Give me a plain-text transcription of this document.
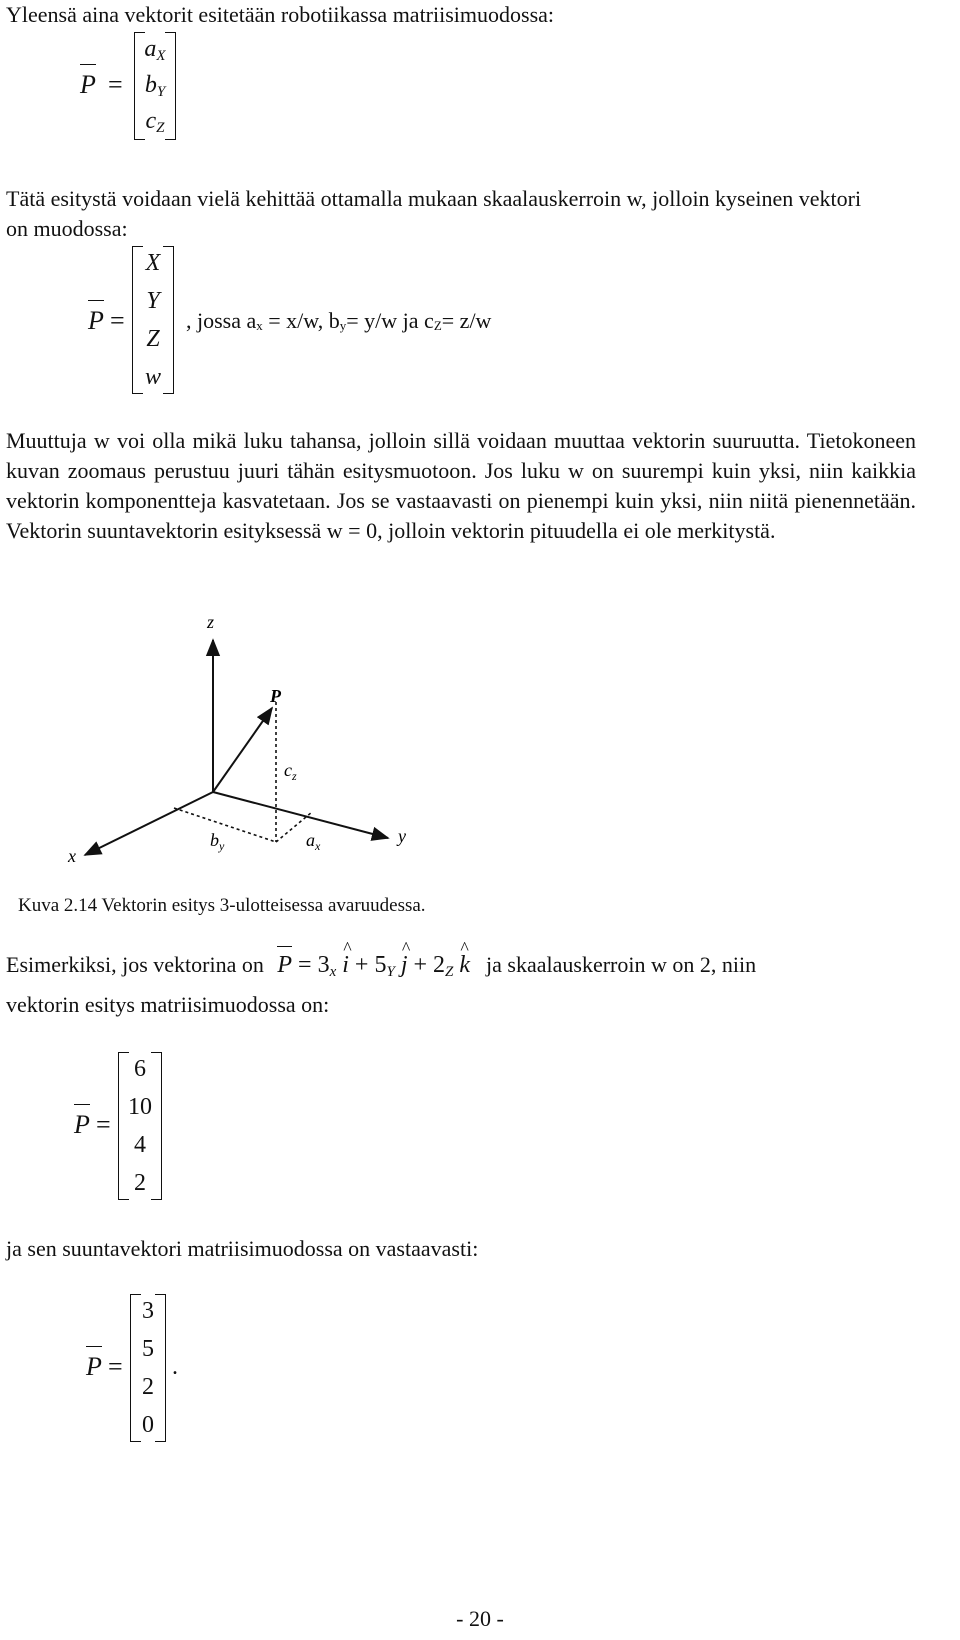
Yleensä aina vektorit esitetään robotiikassa matriisimuodossa:

P =
$a_X$
$b_Y$
$c_Z$

Tätä esitystä voidaan vielä kehittää ottamalla mukaan skaalauskerroin w, jolloin kyseinen vektori on muodossa:

P =
X
Y
Z
w
, jossa ax = x/w, by= y/w ja cZ= z/w

Muuttuja w voi olla mikä luku tahansa, jolloin sillä voidaan muuttaa vektorin suuruutta. Tietokoneen kuvan zoomaus perustuu juuri tähän esitysmuotoon. Jos luku w on suurempi kuin yksi, niin kaikkia vektorin komponentteja kasvatetaan. Jos se vastaavasti on pienempi kuin yksi, niin niitä pienennetään. Vektorin suuntavektorin esityksessä w = 0, jolloin vektorin pituudella ei ole merkitystä.

z
P
$c_z$
$b_y$	$a_x$	y
x
Kuva 2.14 Vektorin esitys 3-ulotteisessa avaruudessa.
Esimerkiksi, jos vektorina on $P = 3_x$ i ^ + $5_Y$ j ^ + $2_Z$ k ^ ja skaalauskerroin w on 2, niin

vektorin esitys matriisimuodossa on:

P =
6
10
4
2

ja sen suuntavektori matriisimuodossa on vastaavasti:

P =
3
5
2
0
.
- 20 -
